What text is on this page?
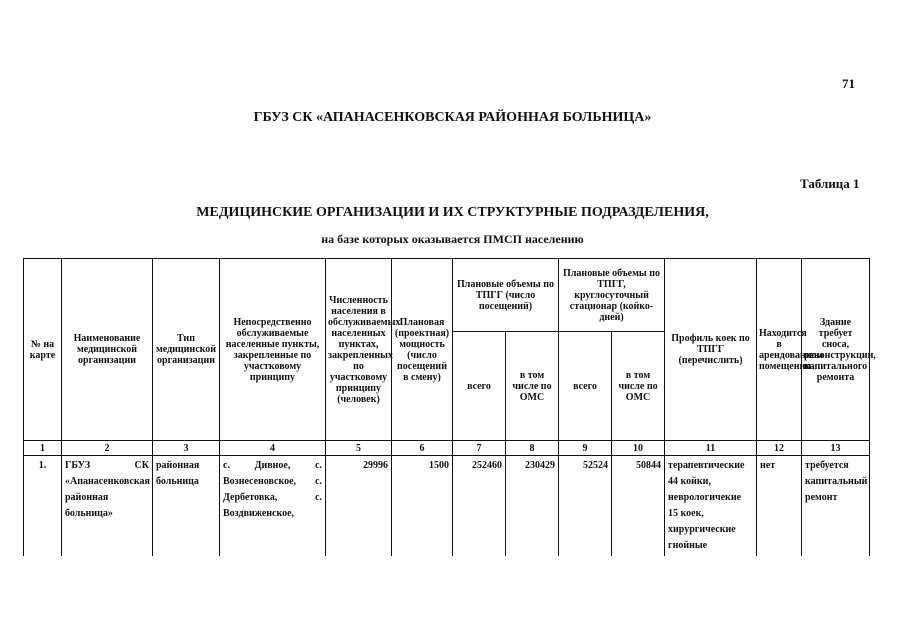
71
ГБУЗ СК «АПАНАСЕНКОВСКАЯ РАЙОННАЯ БОЛЬНИЦА»
Таблица 1
МЕДИЦИНСКИЕ ОРГАНИЗАЦИИ И ИХ СТРУКТУРНЫЕ ПОДРАЗДЕЛЕНИЯ,
на базе которых оказывается ПМСП населению
№ на карте	Наименование медицинской организации	Тип медицинской организации	Непосредственно обслуживаемые населенные пункты, закрепленные по участковому принципу	Численность населения в обслуживаемых населенных пунктах, закрепленных по участковому принципу (человек)	Плановая (проектная) мощность (число посещений в смену)	Плановые объемы по ТПГГ (число посещений)		Плановые объемы по ТПГГ, круглосуточный стационар (койко-дней)		Профиль коек по ТПГГ (перечислить)	Находится в арендованном помещении	Здание требует сноса, реконструкции, капитального ремонта
						всего	в том числе по ОМС	всего	в том числе по ОМС			
1	2	3	4	5	6	7	8	9	10	11	12	13
1.	ГБУЗ СК «Апанасенковская районная больница»	районная больница	с. Дивное, с. Вознесеновское, с. Дербетовка, с. Воздвиженское,	29996	1500	252460	230429	52524	50844	терапевтические 44 койки, неврологичекие 15 коек, хирургические гнойные	нет	требуется капитальный ремонт
